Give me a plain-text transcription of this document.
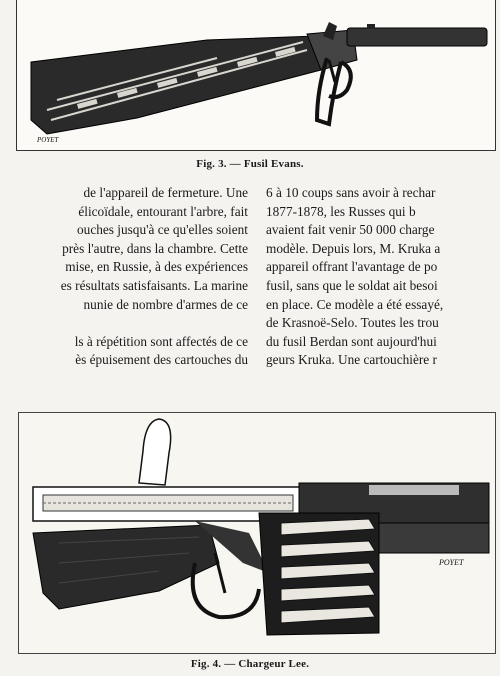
POYET
Fig. 3. — Fusil Evans.
de l'appareil de fermeture. Une
élicoïdale, entourant l'arbre, fait
ouches jusqu'à ce qu'elles soient
près l'autre, dans la chambre. Cette
mise, en Russie, à des expériences
es résultats satisfaisants. La marine
nunie de nombre d'armes de ce
ls à répétition sont affectés de ce
ès épuisement des cartouches du
6 à 10 coups sans avoir à rechar
1877-1878, les Russes qui b
avaient fait venir 50 000 charge
modèle. Depuis lors, M. Kruka a
appareil offrant l'avantage de po
fusil, sans que le soldat ait besoi
en place. Ce modèle a été essayé,
de Krasnoë-Selo. Toutes les trou
du fusil Berdan sont aujourd'hui
geurs Kruka. Une cartouchière r
POYET
Fig. 4. — Chargeur Lee.
